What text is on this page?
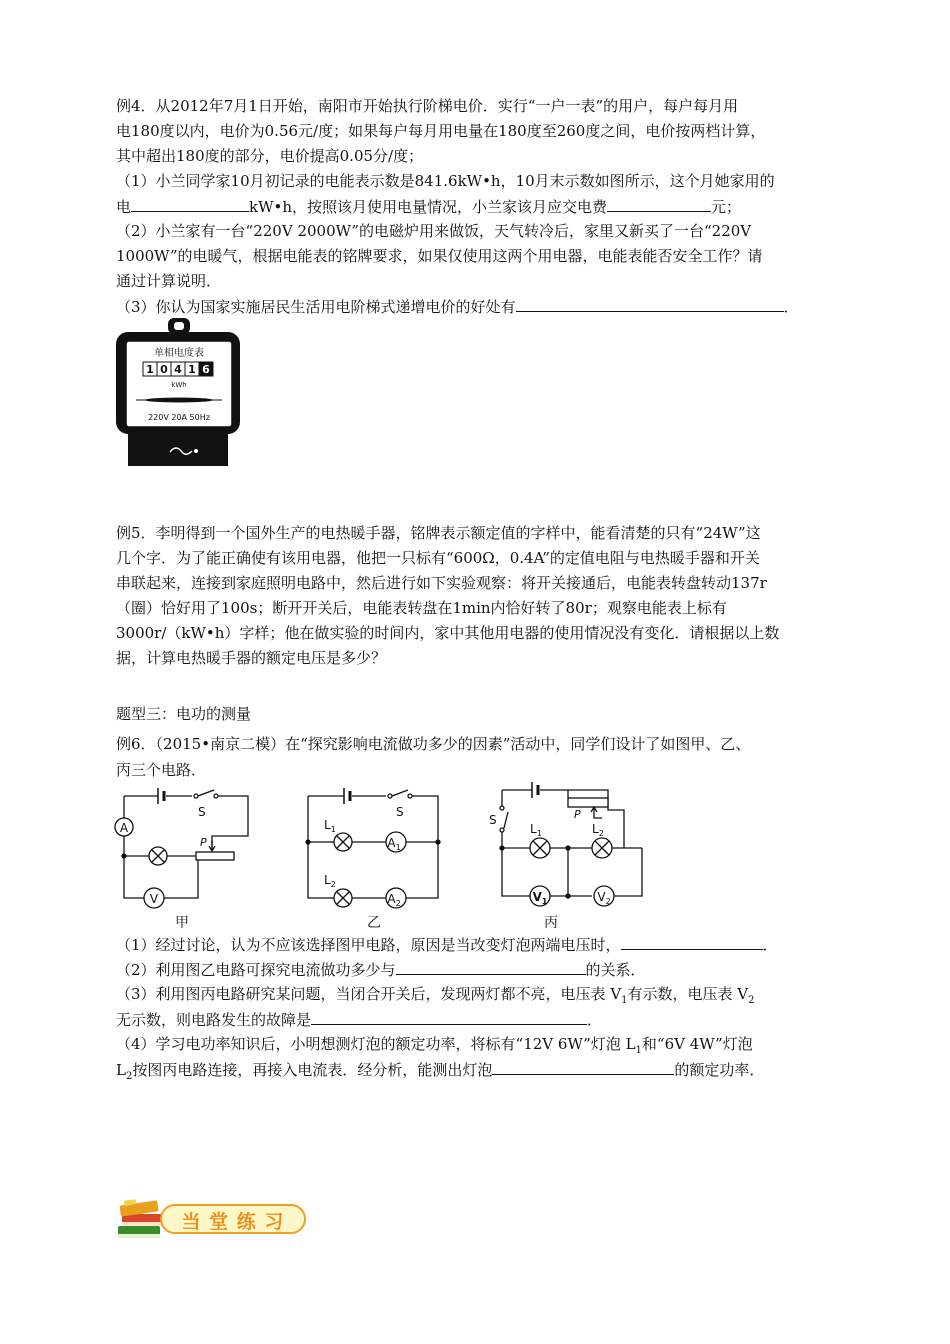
例4．从2012年7月1日开始，南阳市开始执行阶梯电价．实行“一户一表”的用户，每户每月用
电180度以内，电价为0.56元/度；如果每户每月用电量在180度至260度之间，电价按两档计算，
其中超出180度的部分，电价提高0.05分/度；
（1）小兰同学家10月初记录的电能表示数是841.6kW•h，10月末示数如图所示，这个月她家用的
电	kW•h，按照该月使用电量情况，小兰家该月应交电费	元；
（2）小兰家有一台“220V 2000W”的电磁炉用来做饭，天气转冷后，家里又新买了一台“220V
1000W”的电暖气，根据电能表的铭牌要求，如果仅使用这两个用电器，电能表能否安全工作？请
通过计算说明．
（3）你认为国家实施居民生活用电阶梯式递增电价的好处有	．
单相电度表
1 0 4 1 6
kWh
220V 20A 50Hz
例5．李明得到一个国外生产的电热暖手器，铭牌表示额定值的字样中，能看清楚的只有“24W”这
几个字．为了能正确使有该用电器，他把一只标有“600Ω，0.4A”的定值电阻与电热暖手器和开关
串联起来，连接到家庭照明电路中，然后进行如下实验观察：将开关接通后，电能表转盘转动137r
（圈）恰好用了100s；断开开关后，电能表转盘在1min内恰好转了80r；观察电能表上标有
3000r/（kW•h）字样；他在做实验的时间内，家中其他用电器的使用情况没有变化．请根据以上数
据，计算电热暖手器的额定电压是多少？
题型三：电功的测量
例6．（2015•南京二模）在“探究影响电流做功多少的因素”活动中，同学们设计了如图甲、乙、
丙三个电路．
A
V
S
P
甲
$A_1$
$A_2$
$L_1$
$L_2$
S
乙
$V_1$	$V_2$
$L_1$	$L_2$
S	P
丙
（1）经过讨论，认为不应该选择图甲电路，原因是当改变灯泡两端电压时，	．
（2）利用图乙电路可探究电流做功多少与	的关系．
（3）利用图丙电路研究某问题，当闭合开关后，发现两灯都不亮，电压表 $V_1$有示数，电压表 $V_2$
无示数，则电路发生的故障是	．
（4）学习电功率知识后，小明想测灯泡的额定功率，将标有“12V 6W”灯泡 $L_1$和“6V 4W”灯泡
$L_2$按图丙电路连接，再接入电流表．经分析，能测出灯泡	的额定功率．
当 堂 练 习
